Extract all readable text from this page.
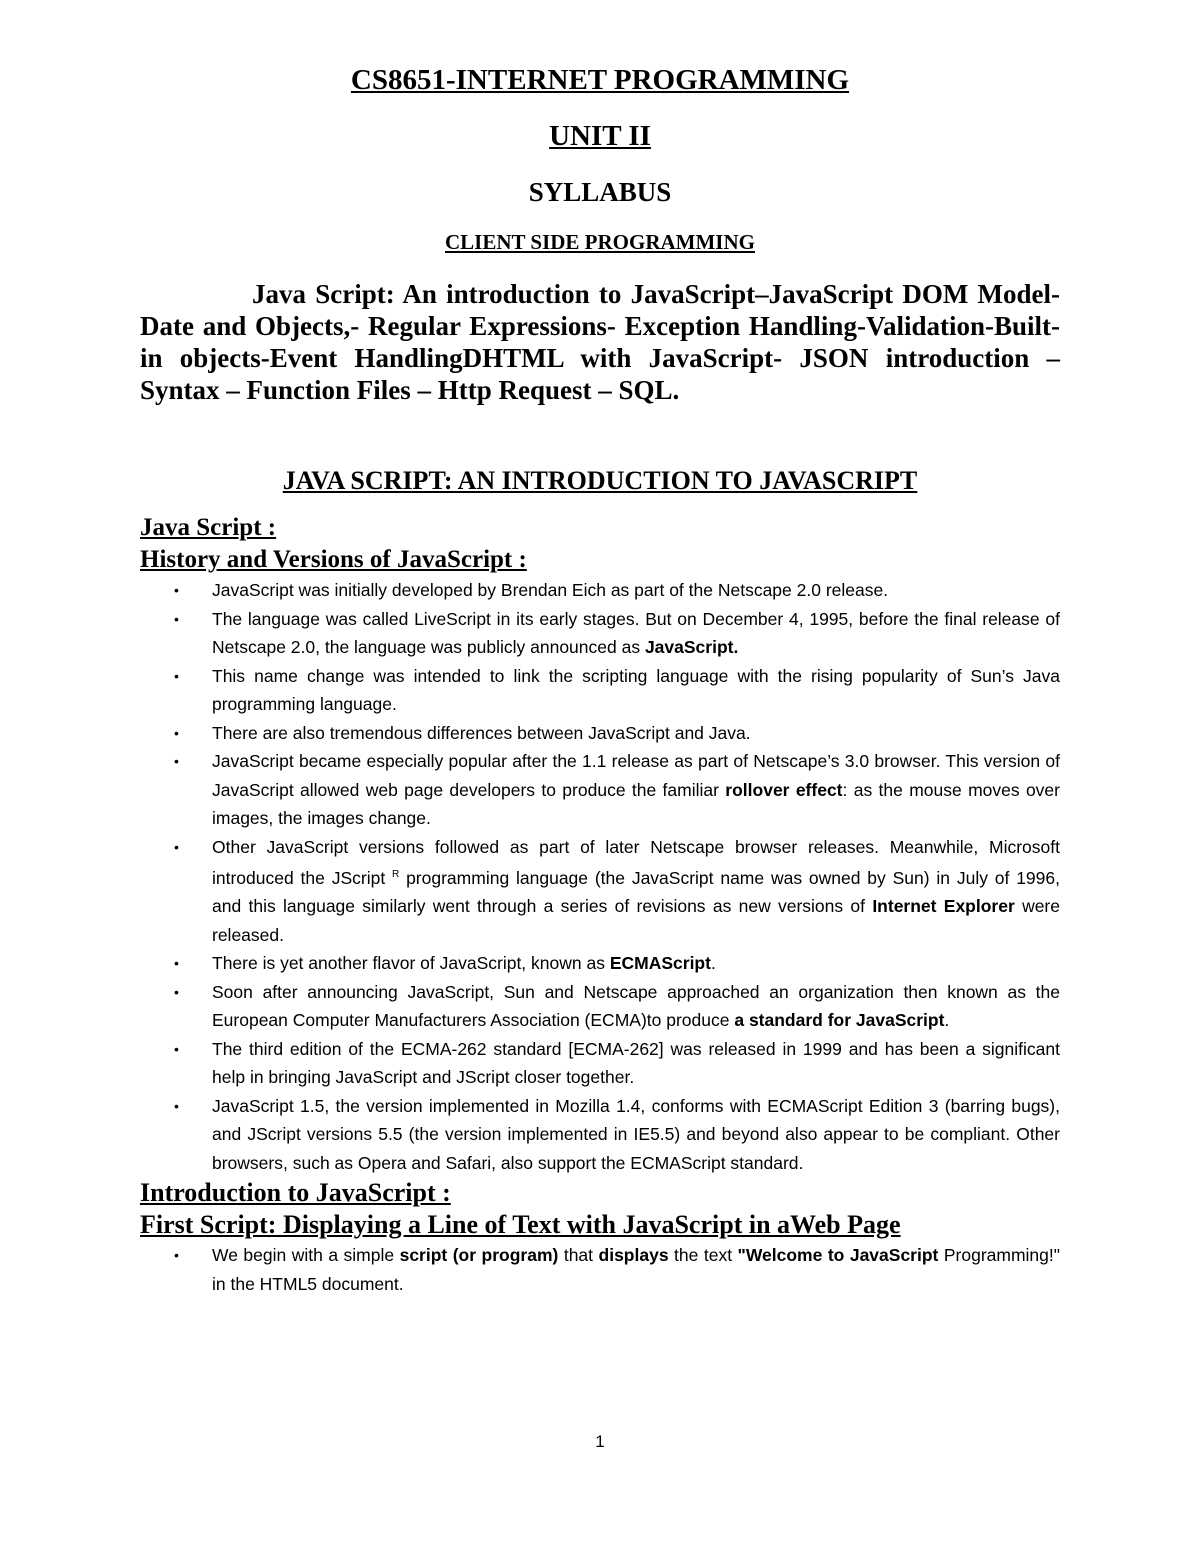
CS8651-INTERNET PROGRAMMING
UNIT II
SYLLABUS
CLIENT SIDE PROGRAMMING

Java Script: An introduction to JavaScript–JavaScript DOM Model-Date and Objects,- Regular Expressions- Exception Handling-Validation-Built-in objects-Event HandlingDHTML with JavaScript- JSON introduction – Syntax – Function Files – Http Request – SQL.

JAVA SCRIPT: AN INTRODUCTION TO JAVASCRIPT
Java Script :
History and Versions of JavaScript :
• JavaScript was initially developed by Brendan Eich as part of the Netscape 2.0 release.
• The language was called LiveScript in its early stages. But on December 4, 1995, before the final release of Netscape 2.0, the language was publicly announced as JavaScript.
• This name change was intended to link the scripting language with the rising popularity of Sun’s Java programming language.
• There are also tremendous differences between JavaScript and Java.
• JavaScript became especially popular after the 1.1 release as part of Netscape’s 3.0 browser. This version of JavaScript allowed web page developers to produce the familiar rollover effect: as the mouse moves over images, the images change.
• Other JavaScript versions followed as part of later Netscape browser releases. Meanwhile, Microsoft introduced the JScript $^R$ programming language (the JavaScript name was owned by Sun) in July of 1996, and this language similarly went through a series of revisions as new versions of Internet Explorer were released.
• There is yet another flavor of JavaScript, known as ECMAScript.
• Soon after announcing JavaScript, Sun and Netscape approached an organization then known as the European Computer Manufacturers Association (ECMA)to produce a standard for JavaScript.
• The third edition of the ECMA-262 standard [ECMA-262] was released in 1999 and has been a significant help in bringing JavaScript and JScript closer together.
• JavaScript 1.5, the version implemented in Mozilla 1.4, conforms with ECMAScript Edition 3 (barring bugs), and JScript versions 5.5 (the version implemented in IE5.5) and beyond also appear to be compliant. Other browsers, such as Opera and Safari, also support the ECMAScript standard.
Introduction to JavaScript :
First Script: Displaying a Line of Text with JavaScript in aWeb Page
• We begin with a simple script (or program) that displays the text "Welcome to JavaScript Programming!" in the HTML5 document.
1
